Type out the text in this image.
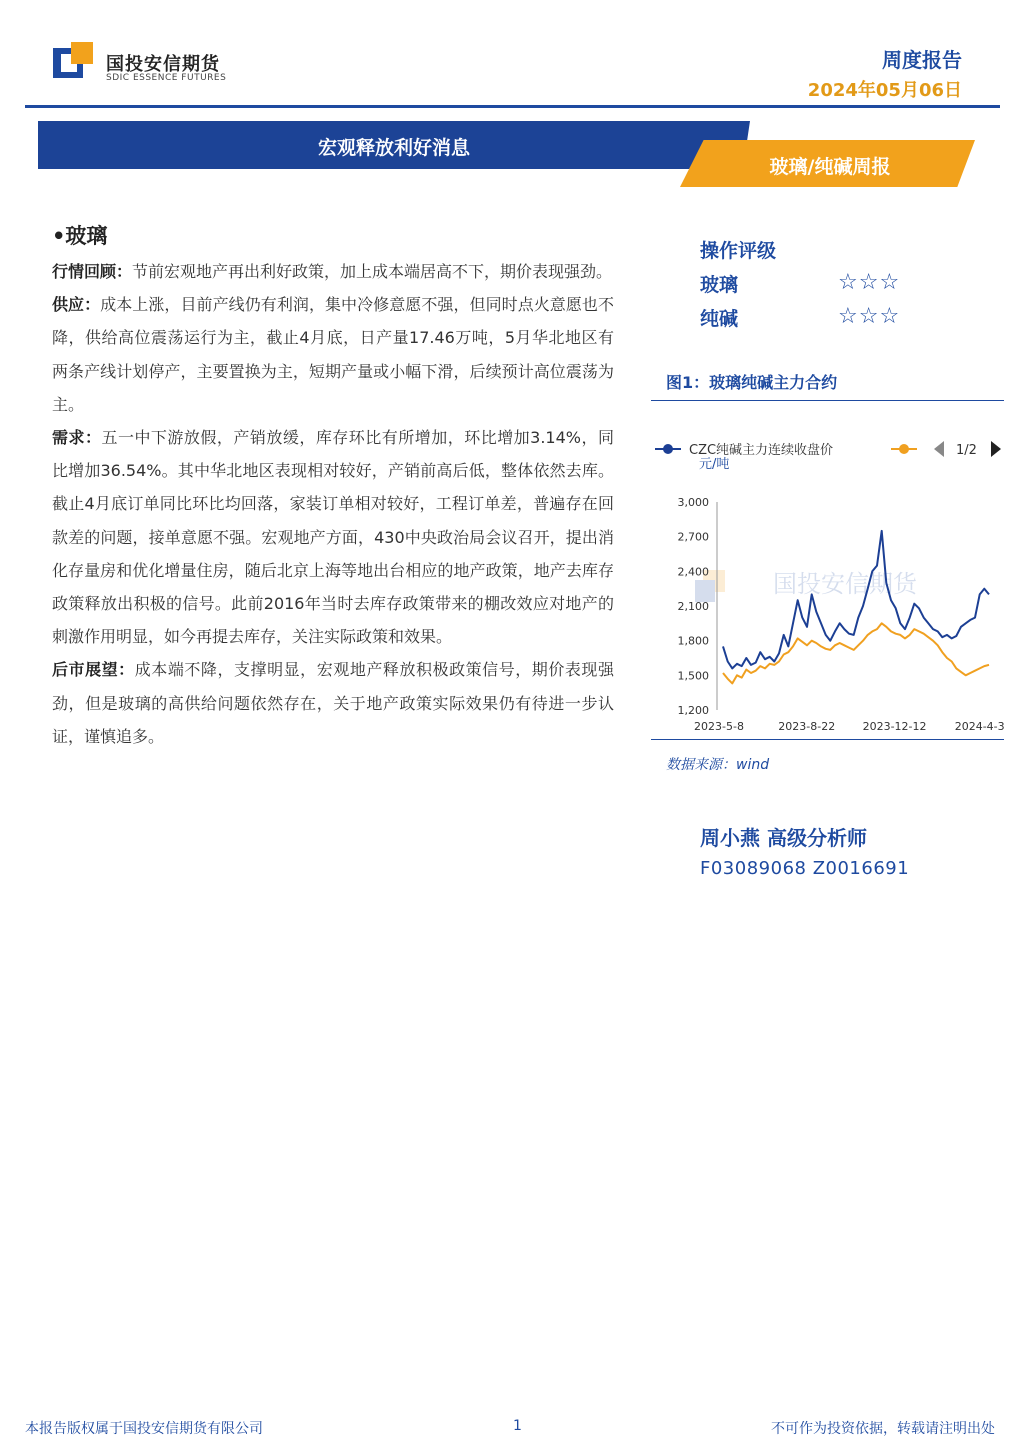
国投安信期货
SDIC ESSENCE FUTURES
周度报告
2024年05月06日
宏观释放利好消息
玻璃/纯碱周报
•玻璃

行情回顾：节前宏观地产再出利好政策，加上成本端居高不下，期价表现强劲。

供应：成本上涨，目前产线仍有利润，集中冷修意愿不强，但同时点火意愿也不降，供给高位震荡运行为主，截止4月底，日产量17.46万吨，5月华北地区有两条产线计划停产，主要置换为主，短期产量或小幅下滑，后续预计高位震荡为主。

需求：五一中下游放假，产销放缓，库存环比有所增加，环比增加3.14%，同比增加36.54%。其中华北地区表现相对较好，产销前高后低，整体依然去库。截止4月底订单同比环比均回落，家装订单相对较好，工程订单差，普遍存在回款差的问题，接单意愿不强。宏观地产方面，430中央政治局会议召开，提出消化存量房和优化增量住房，随后北京上海等地出台相应的地产政策，地产去库存政策释放出积极的信号。此前2016年当时去库存政策带来的棚改效应对地产的刺激作用明显，如今再提去库存，关注实际政策和效果。

后市展望：成本端不降，支撑明显，宏观地产释放积极政策信号，期价表现强劲，但是玻璃的高供给问题依然存在，关于地产政策实际效果仍有待进一步认证，谨慎追多。

操作评级
玻璃	☆☆☆
纯碱	☆☆☆
图1：玻璃纯碱主力合约
国投安信期货
CZC纯碱主力连续收盘价	1/2
元/吨
3,000
2,700
2,400
2,100
1,800
1,500
1,200
2023-5-8	2023-8-22 2023-12-12	2024-4-3
数据来源：wind
周小燕 高级分析师
F03089068 Z0016691
本报告版权属于国投安信期货有限公司	1	不可作为投资依据，转载请注明出处
